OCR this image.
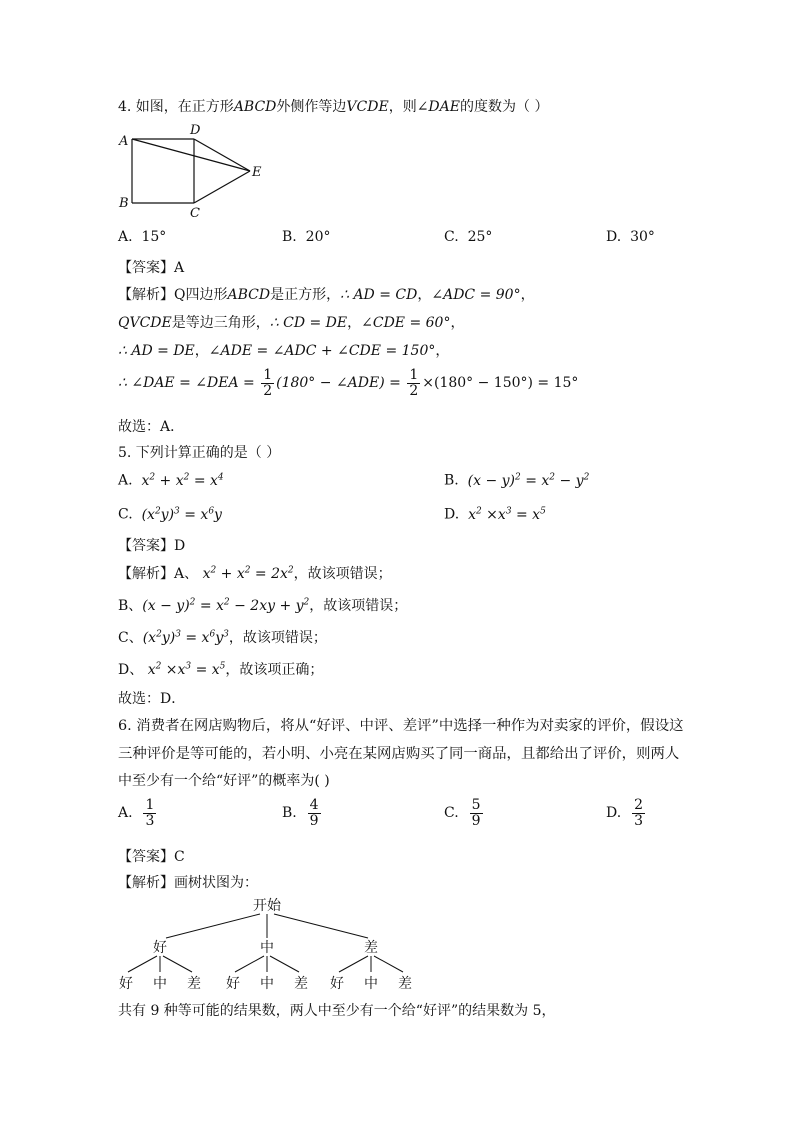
4. 如图，在正方形ABCD外侧作等边VCDE，则∠DAE的度数为（ ）
A
D
E
B
C
A. 15°	B. 20°	C. 25°	D. 30°
【答案】A
【解析】Q四边形ABCD是正方形，∴ AD = CD，∠ADC = 90°，
QVCDE是等边三角形，∴ CD = DE，∠CDE = 60°，
∴ AD = DE，∠ADE = ∠ADC + ∠CDE = 150°，
∴ ∠DAE = ∠DEA = $\frac{1}{2} (180^\circ$ − ∠ADE) = $\frac{1}{2} \times(180^\circ - 150^\circ) = 15^\circ$
故选：A．
5. 下列计算正确的是（ ）
A. $x^2 + x^2 = x^4$	B. $(x - y)^2 = x^2 - y^2$
C. $(x^2y)^3 = x^6y$	D. $x^2 \times x^3 = x^5$
【答案】D
【解析】A、 $x^2 + x^2 = 2x^2$，故该项错误；
B、$(x - y)^2 = x^2 - 2xy + y^2$，故该项错误；
C、$(x^2y)^3 = x^6y^3$，故该项错误；
D、 $x^2 \times x^3 = x^5$，故该项正确；
故选：D．
6. 消费者在网店购物后，将从“好评、中评、差评”中选择一种作为对卖家的评价，假设这
三种评价是等可能的，若小明、小亮在某网店购买了同一商品，且都给出了评价，则两人
中至少有一个给“好评”的概率为( )
A. $\frac{1}{3}$	B. $\frac{4}{9}$	C. $\frac{5}{9}$	D. $\frac{2}{3}$
【答案】C
【解析】画树状图为：
开始
好	中	差
好 中 差 好 中 差 好 中 差
共有 9 种等可能的结果数，两人中至少有一个给“好评”的结果数为 5，
